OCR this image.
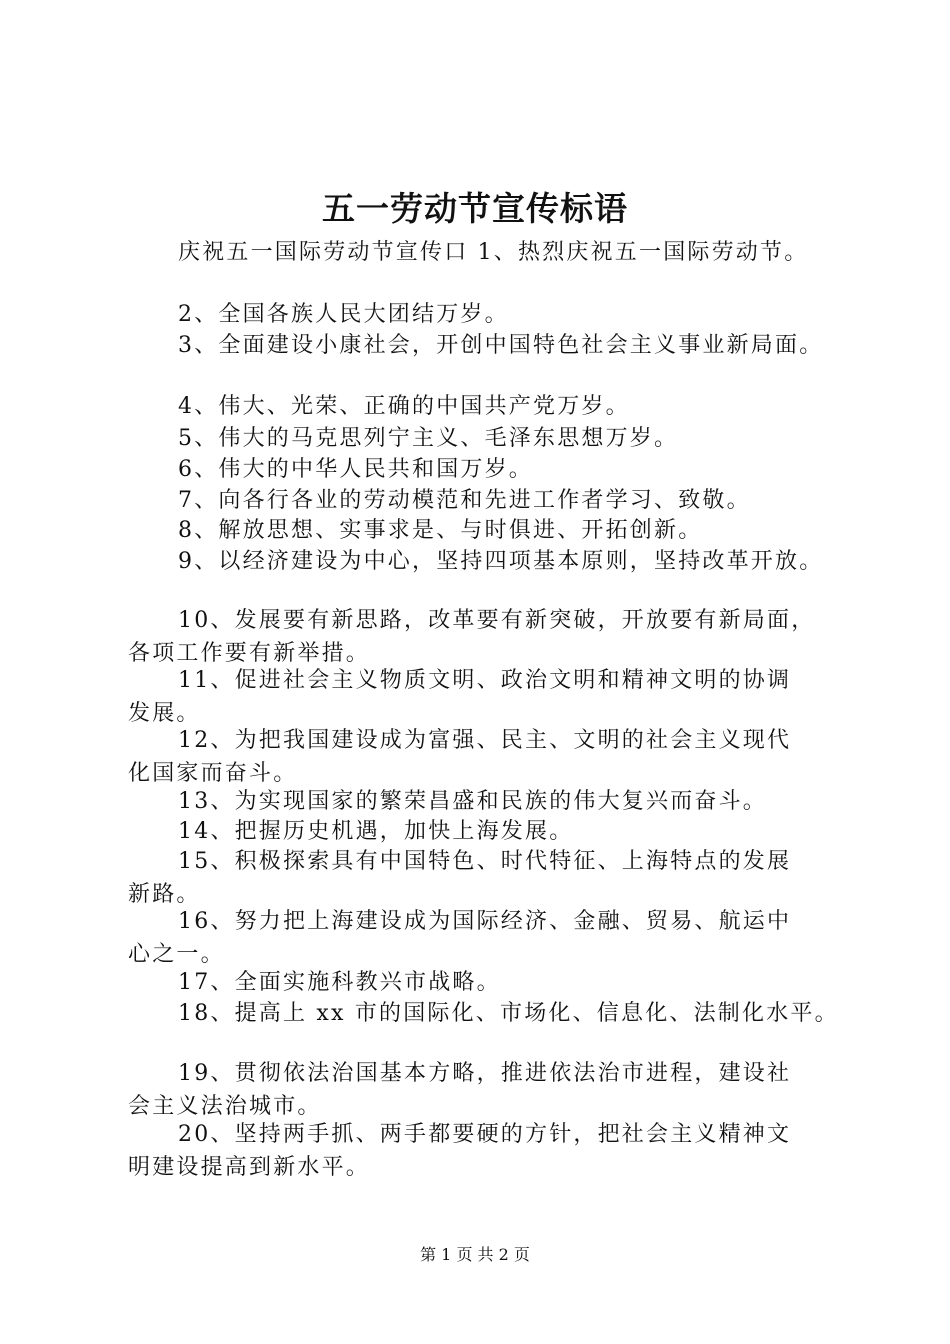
五一劳动节宣传标语
庆祝五一国际劳动节宣传口 1、热烈庆祝五一国际劳动节。
2、全国各族人民大团结万岁。
3、全面建设小康社会，开创中国特色社会主义事业新局面。
4、伟大、光荣、正确的中国共产党万岁。
5、伟大的马克思列宁主义、毛泽东思想万岁。
6、伟大的中华人民共和国万岁。
7、向各行各业的劳动模范和先进工作者学习、致敬。
8、解放思想、实事求是、与时俱进、开拓创新。
9、以经济建设为中心，坚持四项基本原则，坚持改革开放。
10、发展要有新思路，改革要有新突破，开放要有新局面，
各项工作要有新举措。
11、促进社会主义物质文明、政治文明和精神文明的协调
发展。
12、为把我国建设成为富强、民主、文明的社会主义现代
化国家而奋斗。
13、为实现国家的繁荣昌盛和民族的伟大复兴而奋斗。
14、把握历史机遇，加快上海发展。
15、积极探索具有中国特色、时代特征、上海特点的发展
新路。
16、努力把上海建设成为国际经济、金融、贸易、航运中
心之一。
17、全面实施科教兴市战略。
18、提高上 xx 市的国际化、市场化、信息化、法制化水平。
19、贯彻依法治国基本方略，推进依法治市进程，建设社
会主义法治城市。
20、坚持两手抓、两手都要硬的方针，把社会主义精神文
明建设提高到新水平。
第 1 页 共 2 页
